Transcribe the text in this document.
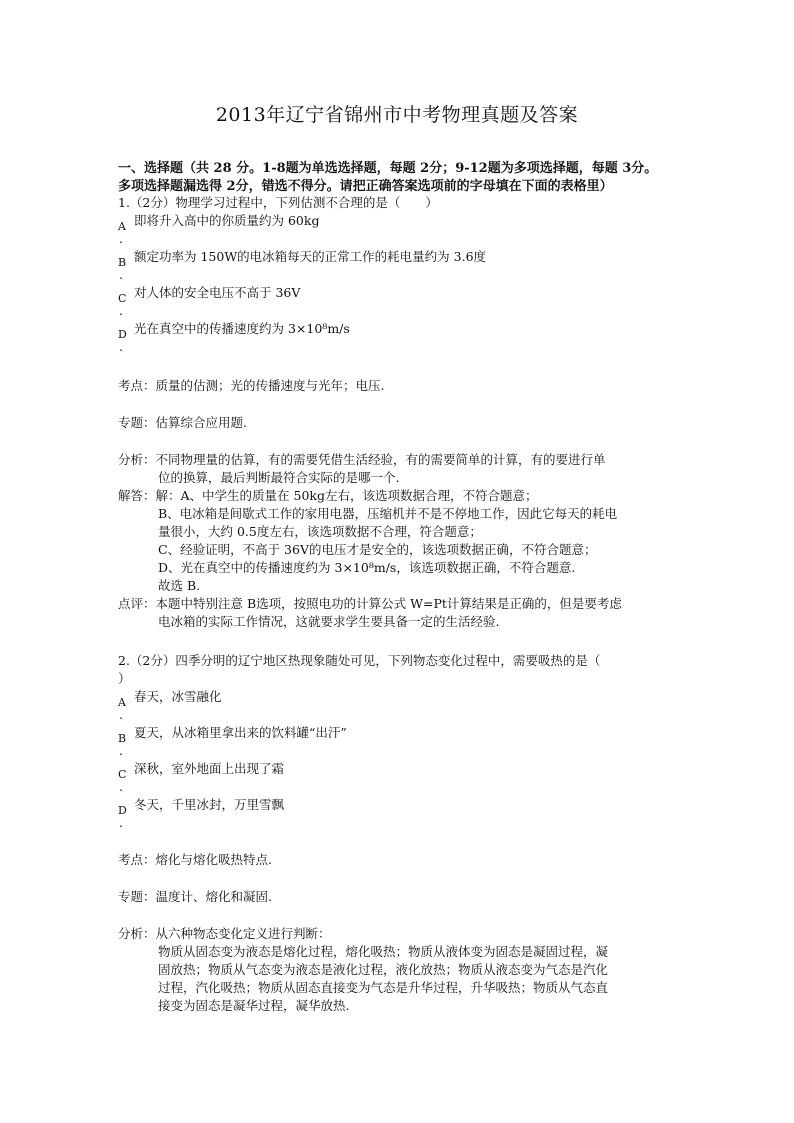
2013年辽宁省锦州市中考物理真题及答案
一、选择题（共 28 分。1-8题为单选选择题，每题 2分；9-12题为多项选择题，每题 3分。
多项选择题漏选得 2分，错选不得分。请把正确答案选项前的字母填在下面的表格里）
1.（2分）物理学习过程中，下列估测不合理的是（　　）
A
.
即将升入高中的你质量约为 60kg
B
.
额定功率为 150W的电冰箱每天的正常工作的耗电量约为 3.6度
C
.
对人体的安全电压不高于 36V
D
.
光在真空中的传播速度约为 3×10⁸m/s
考点： 质量的估测；光的传播速度与光年；电压.
专题： 估算综合应用题.
分析： 不同物理量的估算，有的需要凭借生活经验，有的需要简单的计算，有的要进行单
位的换算，最后判断最符合实际的是哪一个.
解答： 解：A、中学生的质量在 50kg左右，该选项数据合理，不符合题意；
B、电冰箱是间歇式工作的家用电器，压缩机并不是不停地工作，因此它每天的耗电
量很小，大约 0.5度左右，该选项数据不合理，符合题意；
C、经验证明，不高于 36V的电压才是安全的，该选项数据正确，不符合题意；
D、光在真空中的传播速度约为 3×10⁸m/s，该选项数据正确，不符合题意.
故选 B.
点评： 本题中特别注意 B选项，按照电功的计算公式 W=Pt计算结果是正确的，但是要考虑
电冰箱的实际工作情况，这就要求学生要具备一定的生活经验.
2.（2分）四季分明的辽宁地区热现象随处可见，下列物态变化过程中，需要吸热的是（
）
A
.
春天，冰雪融化
B
.
夏天，从冰箱里拿出来的饮料罐“出汗”
C
.
深秋，室外地面上出现了霜
D
.
冬天，千里冰封，万里雪飘
考点： 熔化与熔化吸热特点.
专题： 温度计、熔化和凝固.
分析： 从六种物态变化定义进行判断：
物质从固态变为液态是熔化过程，熔化吸热；物质从液体变为固态是凝固过程，凝
固放热；物质从气态变为液态是液化过程，液化放热；物质从液态变为气态是汽化
过程，汽化吸热；物质从固态直接变为气态是升华过程，升华吸热；物质从气态直
接变为固态是凝华过程，凝华放热.
